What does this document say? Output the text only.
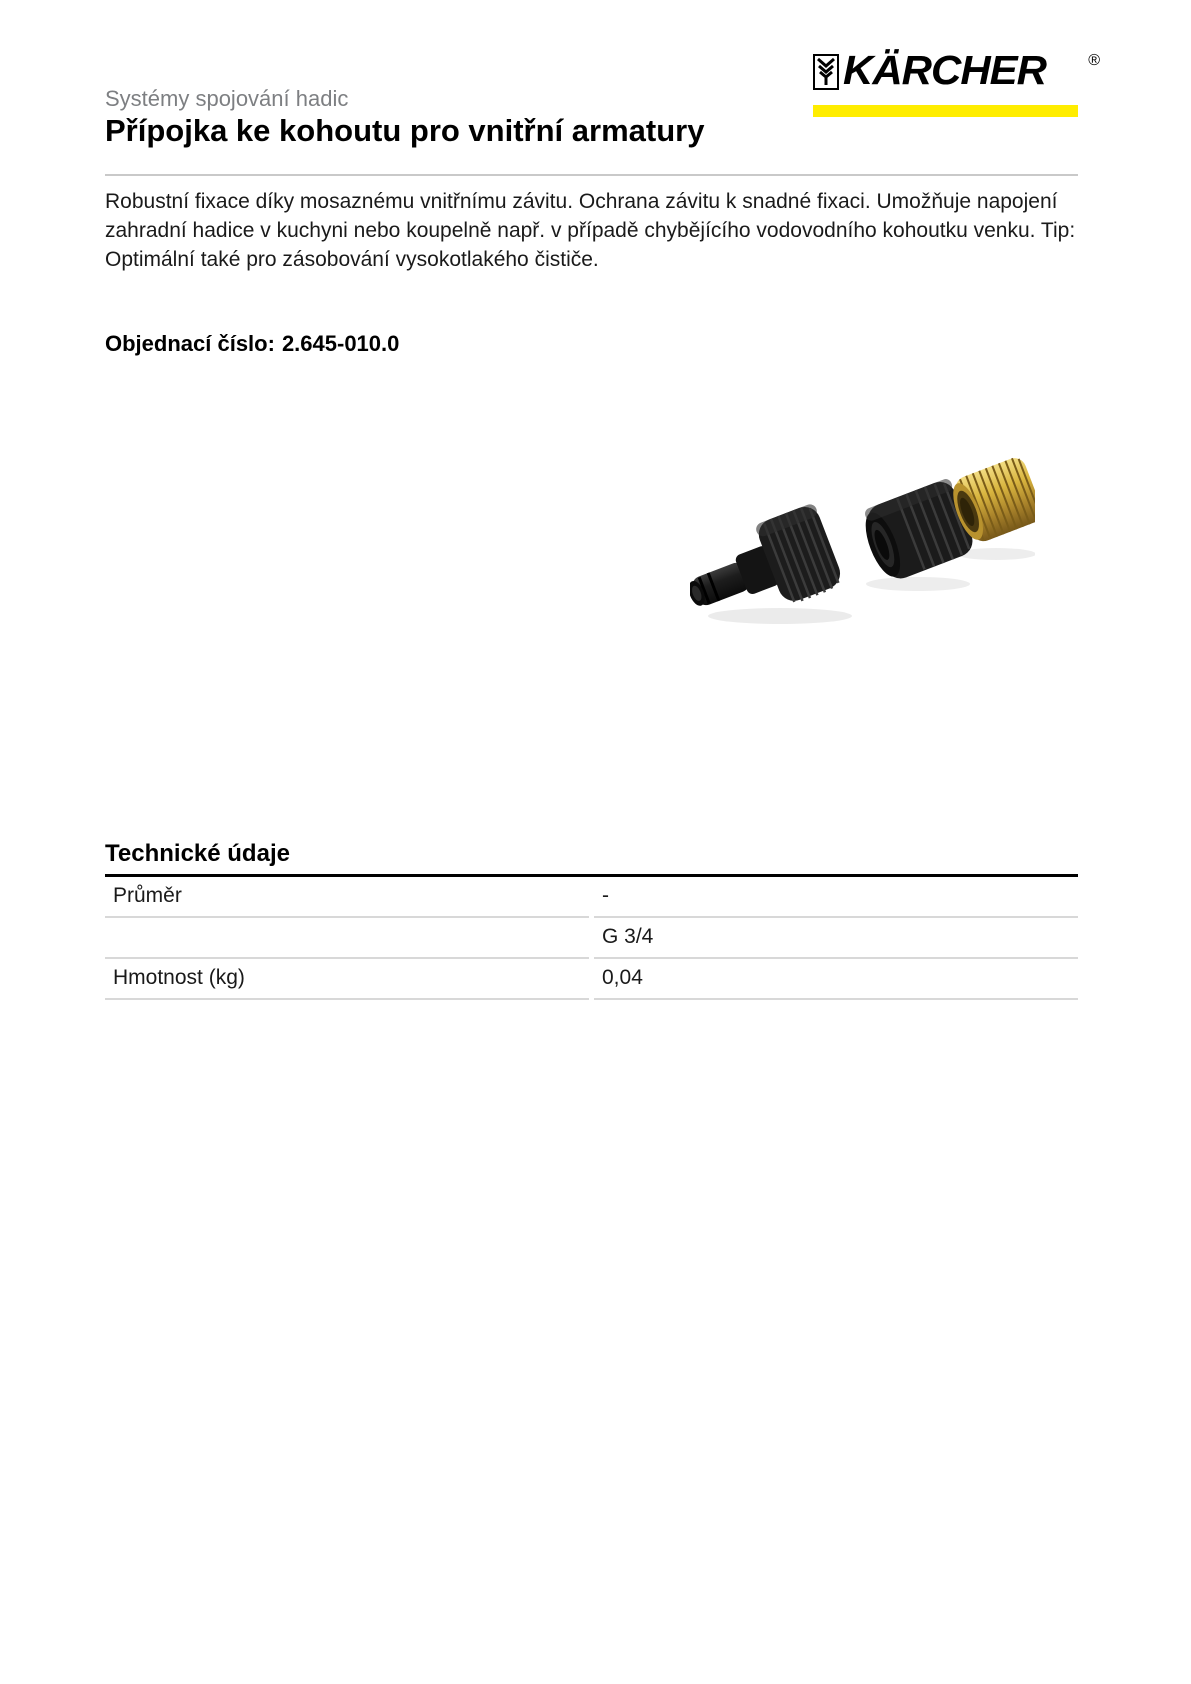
KÄRCHER	®
Systémy spojování hadic
Přípojka ke kohoutu pro vnitřní armatury
Robustní fixace díky mosaznému vnitřnímu závitu. Ochrana závitu k snadné fixaci. Umožňuje napojení
zahradní hadice v kuchyni nebo koupelně např. v případě chybějícího vodovodního kohoutku venku. Tip:
Optimální také pro zásobování vysokotlakého čističe.
Objednací číslo: 2.645-010.0
Technické údaje
Průměr	-
	G 3/4
Hmotnost (kg)	0,04
